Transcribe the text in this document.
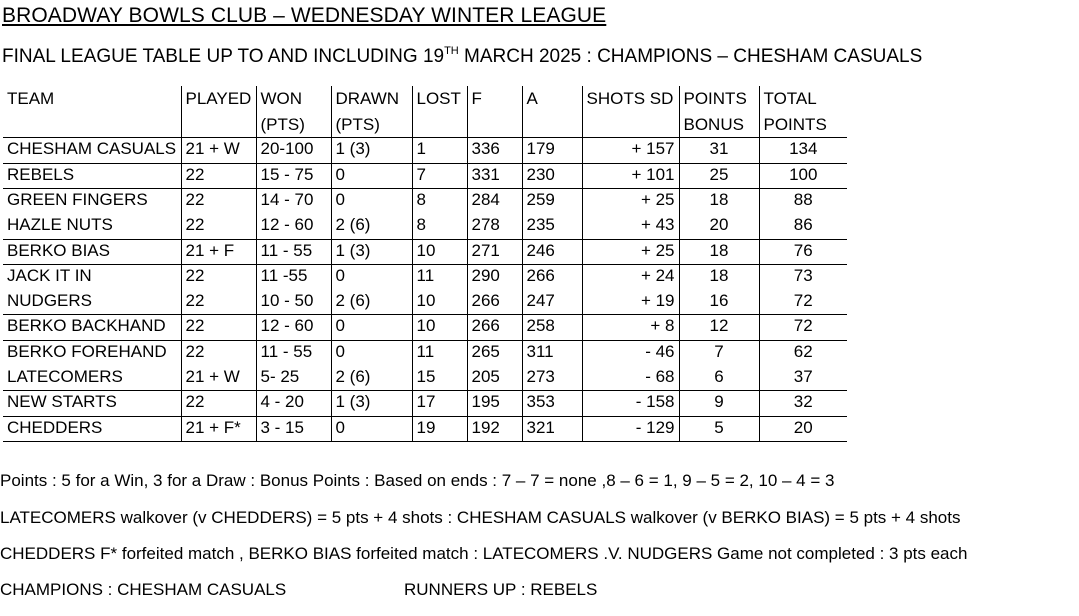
BROADWAY BOWLS CLUB – WEDNESDAY WINTER LEAGUE
FINAL LEAGUE TABLE UP TO AND INCLUDING 19TH MARCH 2025 : CHAMPIONS – CHESHAM CASUALS
TEAM	PLAYED	WON	DRAWN	LOST	F	A	SHOTS SD	POINTS	TOTAL
		(PTS)	(PTS)					BONUS	POINTS
CHESHAM CASUALS	21 + W	20-100	1 (3)	1	336	179	+ 157	31	134
REBELS	22	15 - 75	0	7	331	230	+ 101	25	100
GREEN FINGERS	22	14 - 70	0	8	284	259	+ 25	18	88
HAZLE NUTS	22	12 - 60	2 (6)	8	278	235	+ 43	20	86
BERKO BIAS	21 + F	11 - 55	1 (3)	10	271	246	+ 25	18	76
JACK IT IN	22	11 -55	0	11	290	266	+ 24	18	73
NUDGERS	22	10 - 50	2 (6)	10	266	247	+ 19	16	72
BERKO BACKHAND	22	12 - 60	0	10	266	258	+ 8	12	72
BERKO FOREHAND	22	11 - 55	0	11	265	311	- 46	7	62
LATECOMERS	21 + W	5- 25	2 (6)	15	205	273	- 68	6	37
NEW STARTS	22	4 - 20	1 (3)	17	195	353	- 158	9	32
CHEDDERS	21 + F*	3 - 15	0	19	192	321	- 129	5	20
Points : 5 for a Win, 3 for a Draw : Bonus Points : Based on ends : 7 – 7 = none ,8 – 6 = 1, 9 – 5 = 2, 10 – 4 = 3
LATECOMERS walkover (v CHEDDERS) = 5 pts + 4 shots : CHESHAM CASUALS walkover (v BERKO BIAS) = 5 pts + 4 shots
CHEDDERS F* forfeited match , BERKO BIAS forfeited match : LATECOMERS .V. NUDGERS Game not completed : 3 pts each
CHAMPIONS : CHESHAM CASUALS	RUNNERS UP : REBELS
